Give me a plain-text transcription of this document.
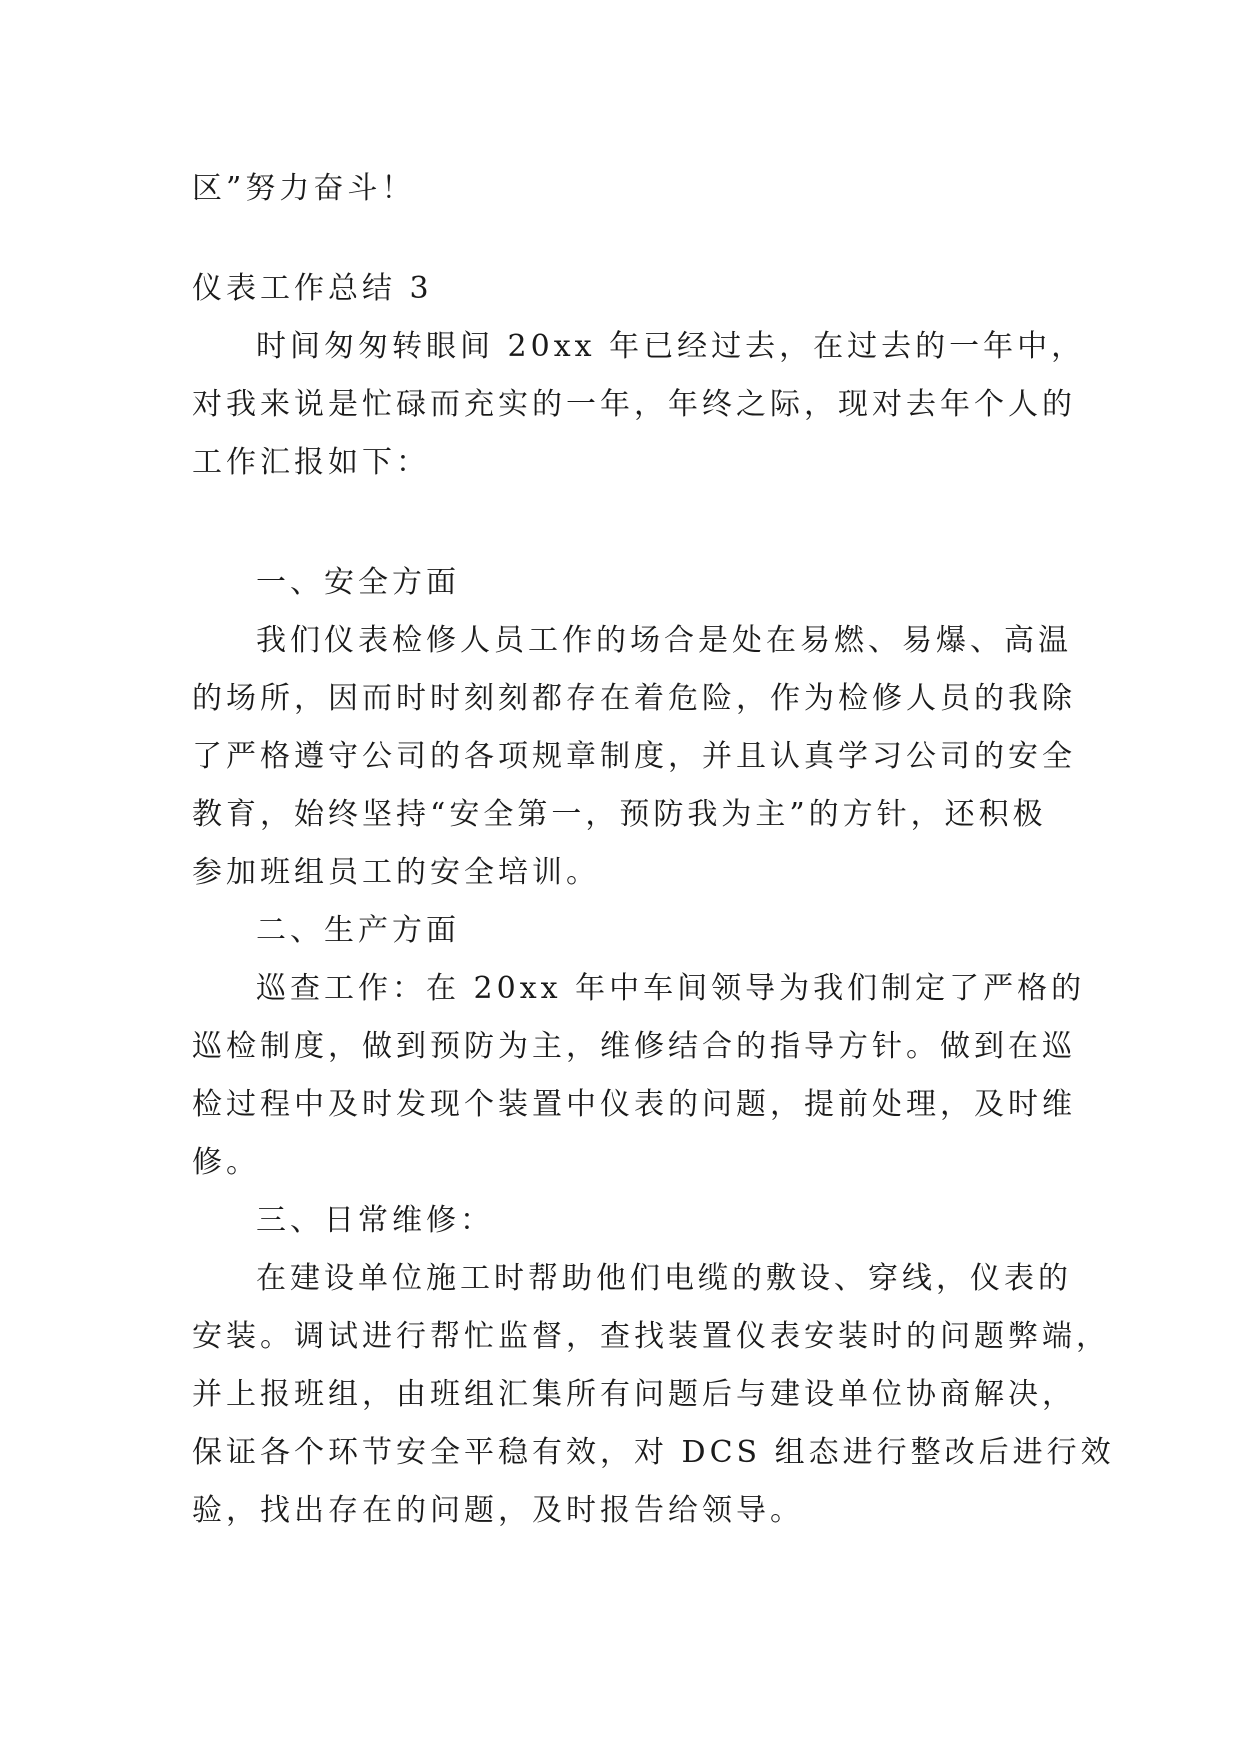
区”努力奋斗！

仪表工作总结 3

时间匆匆转眼间 20xx 年已经过去，在过去的一年中，

对我来说是忙碌而充实的一年，年终之际，现对去年个人的

工作汇报如下：

一、安全方面

我们仪表检修人员工作的场合是处在易燃、易爆、高温

的场所，因而时时刻刻都存在着危险，作为检修人员的我除

了严格遵守公司的各项规章制度，并且认真学习公司的安全

教育，始终坚持“安全第一，预防我为主”的方针，还积极

参加班组员工的安全培训。

二、生产方面

巡查工作：在 20xx 年中车间领导为我们制定了严格的

巡检制度，做到预防为主，维修结合的指导方针。做到在巡

检过程中及时发现个装置中仪表的问题，提前处理，及时维

修。

三、日常维修：

在建设单位施工时帮助他们电缆的敷设、穿线，仪表的

安装。调试进行帮忙监督，查找装置仪表安装时的问题弊端，

并上报班组，由班组汇集所有问题后与建设单位协商解决，

保证各个环节安全平稳有效，对 DCS 组态进行整改后进行效

验，找出存在的问题，及时报告给领导。
